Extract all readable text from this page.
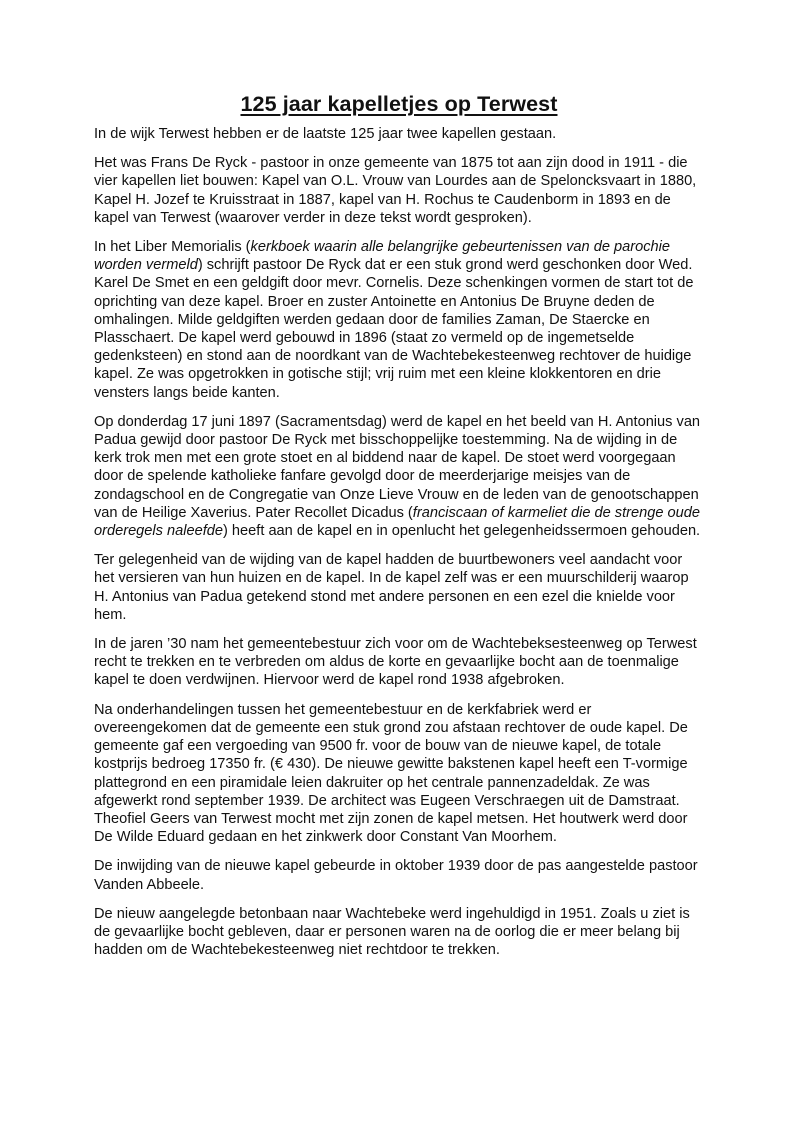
125 jaar kapelletjes op Terwest

In de wijk Terwest hebben er de laatste 125 jaar twee kapellen gestaan.

Het was Frans De Ryck - pastoor in onze gemeente van 1875 tot aan zijn dood in 1911 - die vier kapellen liet bouwen: Kapel van O.L. Vrouw van Lourdes aan de Speloncksvaart in 1880, Kapel H. Jozef te Kruisstraat in 1887, kapel van H. Rochus te Caudenborm in 1893 en de kapel van Terwest (waarover verder in deze tekst wordt gesproken).

In het Liber Memorialis (kerkboek waarin alle belangrijke gebeurtenissen van de parochie worden vermeld) schrijft pastoor De Ryck dat er een stuk grond werd geschonken door Wed. Karel De Smet en een geldgift door mevr. Cornelis. Deze schenkingen vormen de start tot de oprichting van deze kapel. Broer en zuster Antoinette en Antonius De Bruyne deden de omhalingen. Milde geldgiften werden gedaan door de families Zaman, De Staercke en Plasschaert. De kapel werd gebouwd in 1896 (staat zo vermeld op de ingemetselde gedenksteen) en stond aan de noordkant van de Wachtebekesteenweg rechtover de huidige kapel. Ze was opgetrokken in gotische stijl; vrij ruim met een kleine klokkentoren en drie vensters langs beide kanten.

Op donderdag 17 juni 1897 (Sacramentsdag) werd de kapel en het beeld van H. Antonius van Padua gewijd door pastoor De Ryck met bisschoppelijke toestemming. Na de wijding in de kerk trok men met een grote stoet en al biddend naar de kapel. De stoet werd voorgegaan door de spelende katholieke fanfare gevolgd door de meerderjarige meisjes van de zondagschool en de Congregatie van Onze Lieve Vrouw en de leden van de genootschappen van de Heilige Xaverius. Pater Recollet Dicadus (franciscaan of karmeliet die de strenge oude orderegels naleefde) heeft aan de kapel en in openlucht het gelegenheidssermoen gehouden.

Ter gelegenheid van de wijding van de kapel hadden de buurtbewoners veel aandacht voor het versieren van hun huizen en de kapel. In de kapel zelf was er een muurschilderij waarop H. Antonius van Padua getekend stond met andere personen en een ezel die knielde voor hem.

In de jaren ’30 nam het gemeentebestuur zich voor om de Wachtebeksesteenweg op Terwest recht te trekken en te verbreden om aldus de korte en gevaarlijke bocht aan de toenmalige kapel te doen verdwijnen. Hiervoor werd de kapel rond 1938 afgebroken.

Na onderhandelingen tussen het gemeentebestuur en de kerkfabriek werd er overeengekomen dat de gemeente een stuk grond zou afstaan rechtover de oude kapel. De gemeente gaf een vergoeding van 9500 fr. voor de bouw van de nieuwe kapel, de totale kostprijs bedroeg 17350 fr. (€ 430). De nieuwe gewitte bakstenen kapel heeft een T-vormige plattegrond en een piramidale leien dakruiter op het centrale pannenzadeldak. Ze was afgewerkt rond september 1939. De architect was Eugeen Verschraegen uit de Damstraat. Theofiel Geers van Terwest mocht met zijn zonen de kapel metsen. Het houtwerk werd door De Wilde Eduard gedaan en het zinkwerk door Constant Van Moorhem.

De inwijding van de nieuwe kapel gebeurde in oktober 1939 door de pas aangestelde pastoor Vanden Abbeele.

De nieuw aangelegde betonbaan naar Wachtebeke werd ingehuldigd in 1951. Zoals u ziet is de gevaarlijke bocht gebleven, daar er personen waren na de oorlog die er meer belang bij hadden om de Wachtebekesteenweg niet rechtdoor te trekken.
